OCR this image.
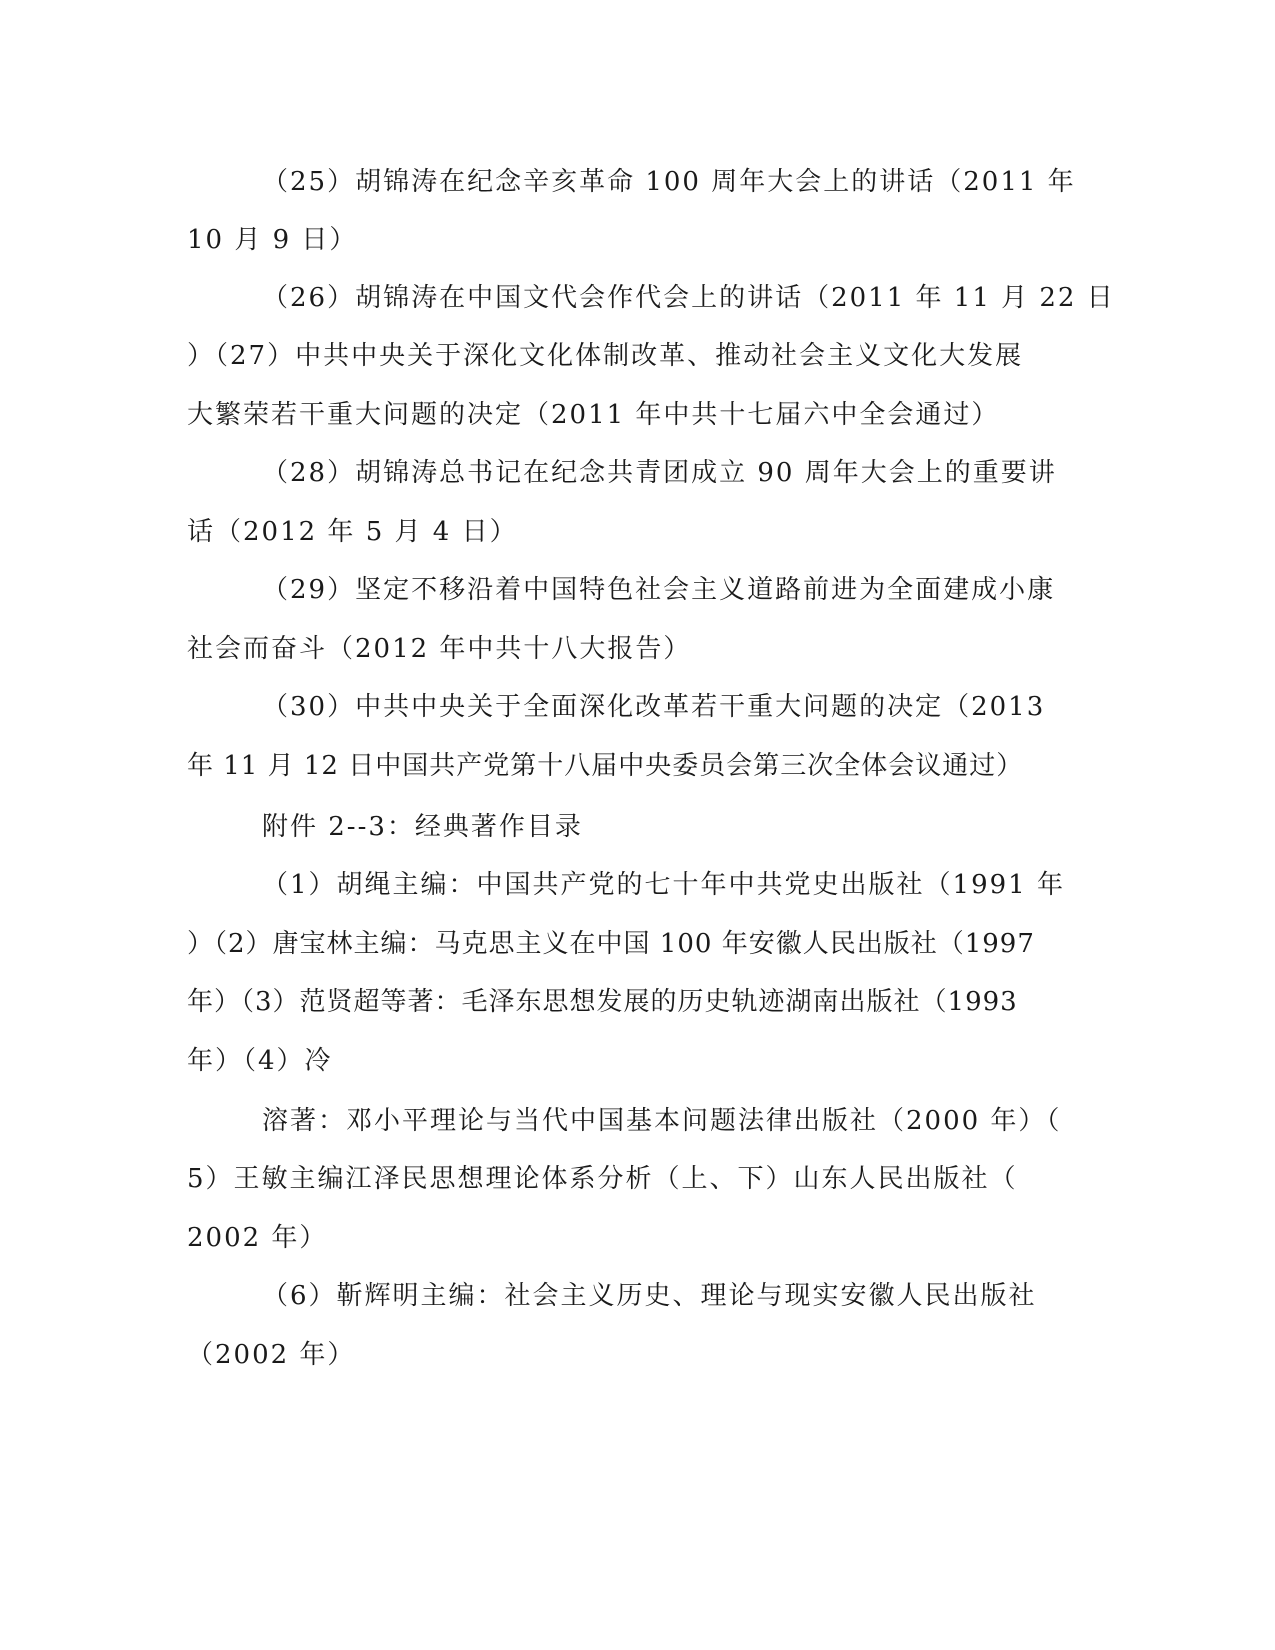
（25）胡锦涛在纪念辛亥革命 100 周年大会上的讲话（2011 年
10 月 9 日）
（26）胡锦涛在中国文代会作代会上的讲话（2011 年 11 月 22 日
）（27）中共中央关于深化文化体制改革、推动社会主义文化大发展
大繁荣若干重大问题的决定（2011 年中共十七届六中全会通过）
（28）胡锦涛总书记在纪念共青团成立 90 周年大会上的重要讲
话（2012 年 5 月 4 日）
（29）坚定不移沿着中国特色社会主义道路前进为全面建成小康
社会而奋斗（2012 年中共十八大报告）
（30）中共中央关于全面深化改革若干重大问题的决定（2013
年 11 月 12 日中国共产党第十八届中央委员会第三次全体会议通过）
附件 2--3：经典著作目录
（1）胡绳主编：中国共产党的七十年中共党史出版社（1991 年
）（2）唐宝林主编：马克思主义在中国 100 年安徽人民出版社（1997
年）（3）范贤超等著：毛泽东思想发展的历史轨迹湖南出版社（1993
年）（4）冷
溶著：邓小平理论与当代中国基本问题法律出版社（2000 年）（
5）王敏主编江泽民思想理论体系分析（上、下）山东人民出版社（
2002 年）
（6）靳辉明主编：社会主义历史、理论与现实安徽人民出版社
（2002 年）
